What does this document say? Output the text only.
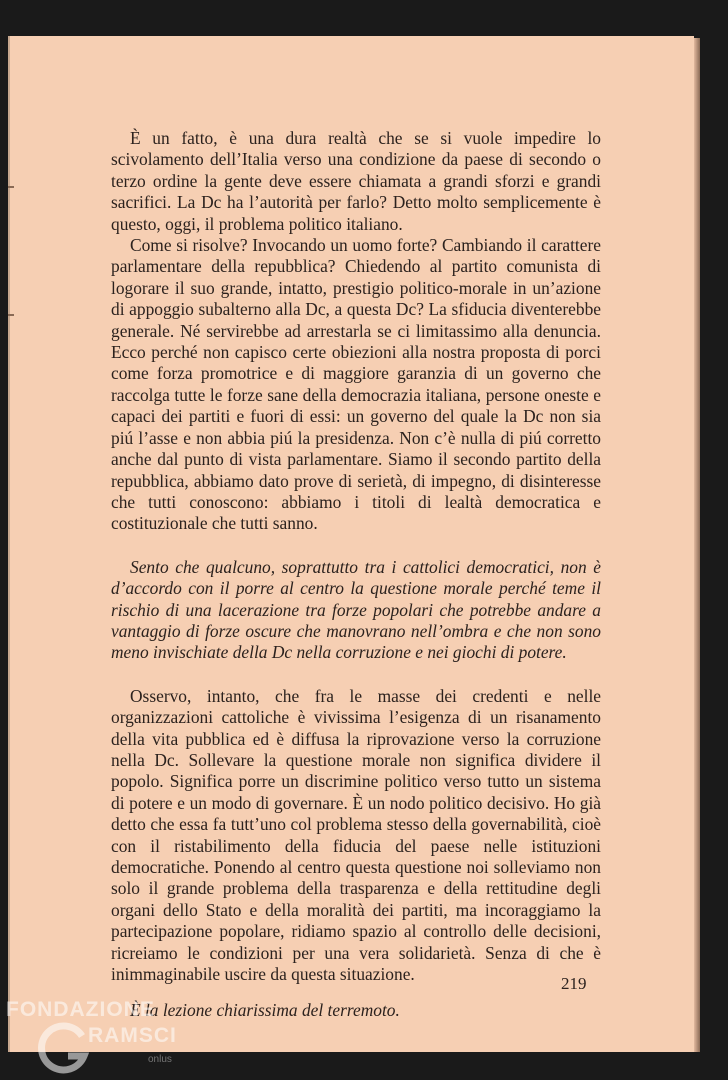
È un fatto, è una dura realtà che se si vuole impedire lo scivolamento dell’Italia verso una condizione da paese di secondo o terzo ordine la gente deve essere chiamata a grandi sforzi e grandi sacrifici. La Dc ha l’autorità per farlo? Detto molto semplicemente è questo, oggi, il problema politico italiano.

Come si risolve? Invocando un uomo forte? Cambiando il carattere parlamentare della repubblica? Chiedendo al partito comunista di logorare il suo grande, intatto, prestigio politico-morale in un’azione di appoggio subalterno alla Dc, a questa Dc? La sfiducia diventerebbe generale. Né servirebbe ad arrestarla se ci limitassimo alla denuncia. Ecco perché non capisco certe obiezioni alla nostra proposta di porci come forza promotrice e di maggiore garanzia di un governo che raccolga tutte le forze sane della democrazia italiana, persone oneste e capaci dei partiti e fuori di essi: un governo del quale la Dc non sia piú l’asse e non abbia piú la presidenza. Non c’è nulla di piú corretto anche dal punto di vista parlamentare. Siamo il secondo partito della repubblica, abbiamo dato prove di serietà, di impegno, di disinteresse che tutti conoscono: abbiamo i titoli di lealtà democratica e costituzionale che tutti sanno.

Sento che qualcuno, soprattutto tra i cattolici democratici, non è d’accordo con il porre al centro la questione morale perché teme il rischio di una lacerazione tra forze popolari che potrebbe andare a vantaggio di forze oscure che manovrano nell’ombra e che non sono meno invischiate della Dc nella corruzione e nei giochi di potere.

Osservo, intanto, che fra le masse dei credenti e nelle organizzazioni cattoliche è vivissima l’esigenza di un risanamento della vita pubblica ed è diffusa la riprovazione verso la corruzione nella Dc. Sollevare la questione morale non significa dividere il popolo. Significa porre un discrimine politico verso tutto un sistema di potere e un modo di governare. È un nodo politico decisivo. Ho già detto che essa fa tutt’uno col problema stesso della governabilità, cioè con il ristabilimento della fiducia del paese nelle istituzioni democratiche. Ponendo al centro questa questione noi solleviamo non solo il grande problema della trasparenza e della rettitudine degli organi dello Stato e della moralità dei partiti, ma incoraggiamo la partecipazione popolare, ridiamo spazio al controllo delle decisioni, ricreiamo le condizioni per una vera solidarietà. Senza di che è inimmaginabile uscire da questa situazione.

È la lezione chiarissima del terremoto.

219
FONDAZIONE
RAMSCI
onlus
